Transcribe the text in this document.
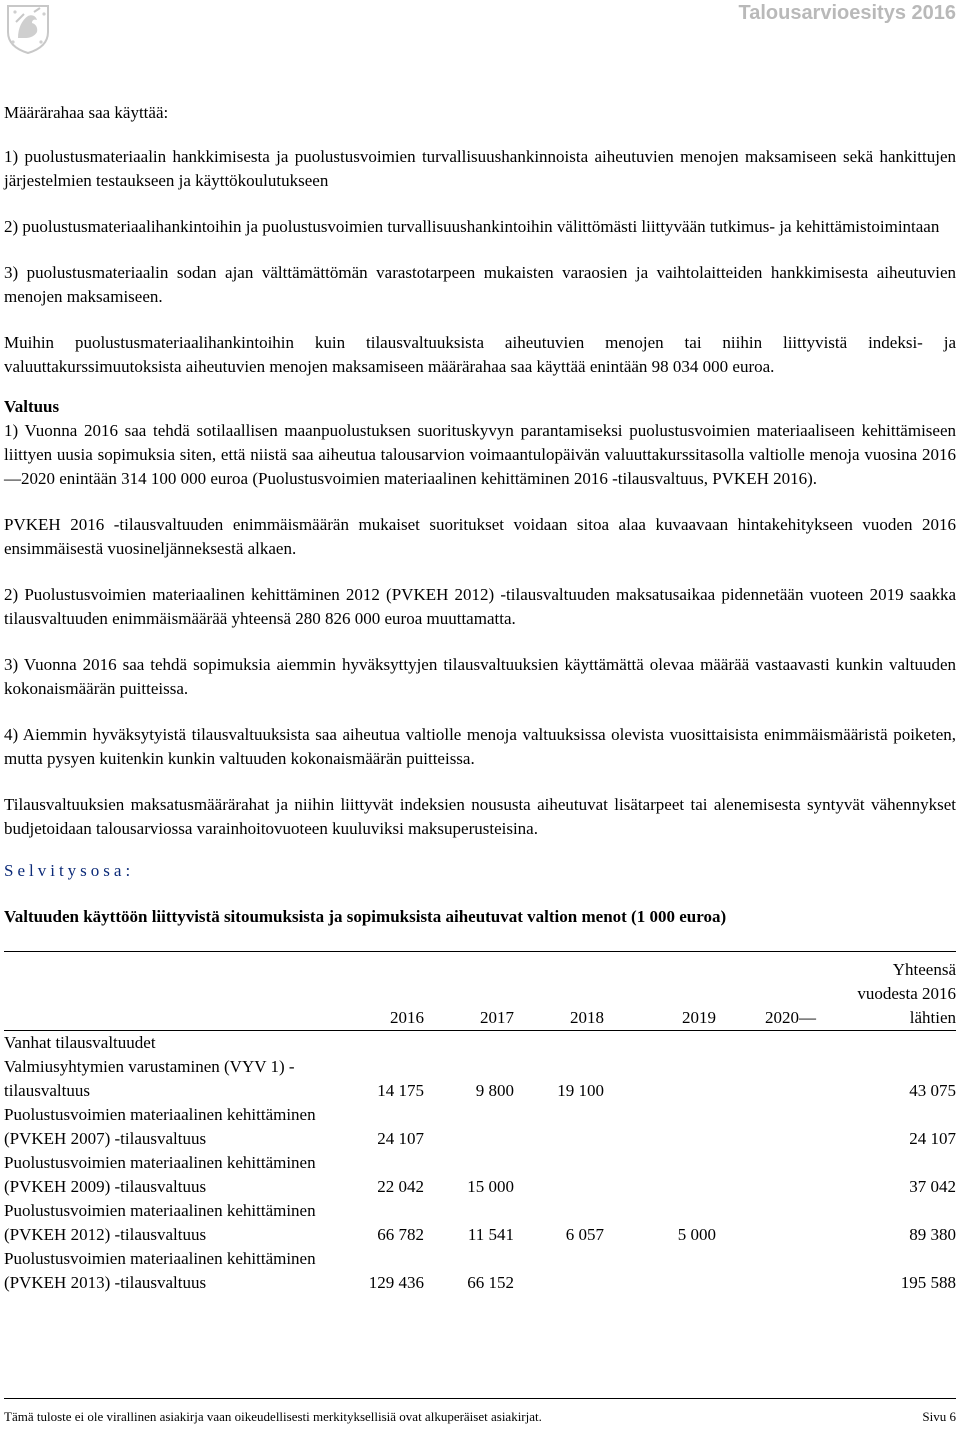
Talousarvioesitys 2016

Määrärahaa saa käyttää:

1) puolustusmateriaalin hankkimisesta ja puolustusvoimien turvallisuushankinnoista aiheutuvien menojen maksamiseen sekä hankittujen järjestelmien testaukseen ja käyttökoulutukseen

2) puolustusmateriaalihankintoihin ja puolustusvoimien turvallisuushankintoihin välittömästi liittyvään tutkimus- ja kehittämistoimintaan

3) puolustusmateriaalin sodan ajan välttämättömän varastotarpeen mukaisten varaosien ja vaihtolaitteiden hankkimisesta aiheutuvien menojen maksamiseen.

Muihin puolustusmateriaalihankintoihin kuin tilausvaltuuksista aiheutuvien menojen tai niihin liittyvistä indeksi- ja valuuttakurssimuutoksista aiheutuvien menojen maksamiseen määrärahaa saa käyttää enintään 98 034 000 euroa.

Valtuus

1) Vuonna 2016 saa tehdä sotilaallisen maanpuolustuksen suorituskyvyn parantamiseksi puolustusvoimien materiaaliseen kehittämiseen liittyen uusia sopimuksia siten, että niistä saa aiheutua talousarvion voimaantulopäivän valuuttakurssitasolla valtiolle menoja vuosina 2016—2020 enintään 314 100 000 euroa (Puolustusvoimien materiaalinen kehittäminen 2016 -tilausvaltuus, PVKEH 2016).

PVKEH 2016 -tilausvaltuuden enimmäismäärän mukaiset suoritukset voidaan sitoa alaa kuvaavaan hintakehitykseen vuoden 2016 ensimmäisestä vuosineljänneksestä alkaen.

2) Puolustusvoimien materiaalinen kehittäminen 2012 (PVKEH 2012) -tilausvaltuuden maksatusaikaa pidennetään vuoteen 2019 saakka tilausvaltuuden enimmäismäärää yhteensä 280 826 000 euroa muuttamatta.

3) Vuonna 2016 saa tehdä sopimuksia aiemmin hyväksyttyjen tilausvaltuuksien käyttämättä olevaa määrää vastaavasti kunkin valtuuden kokonaismäärän puitteissa.

4) Aiemmin hyväksytyistä tilausvaltuuksista saa aiheutua valtiolle menoja valtuuksissa olevista vuosittaisista enimmäismääristä poiketen, mutta pysyen kuitenkin kunkin valtuuden kokonaismäärän puitteissa.

Tilausvaltuuksien maksatusmäärärahat ja niihin liittyvät indeksien noususta aiheutuvat lisätarpeet tai alenemisesta syntyvät vähennykset budjetoidaan talousarviossa varainhoitovuoteen kuuluviksi maksuperusteisina.

Selvitysosa:

Valtuuden käyttöön liittyvistä sitoumuksista ja sopimuksista aiheutuvat valtion menot (1 000 euroa)

	2016	2017	2018	2019	2020—	Yhteensä vuodesta 2016 lähtien
Vanhat tilausvaltuudet						
Valmiusyhtymien varustaminen (VYV 1) -tilausvaltuus	14 175	9 800	19 100			43 075
Puolustusvoimien materiaalinen kehittäminen (PVKEH 2007) -tilausvaltuus	24 107					24 107
Puolustusvoimien materiaalinen kehittäminen (PVKEH 2009) -tilausvaltuus	22 042	15 000				37 042
Puolustusvoimien materiaalinen kehittäminen (PVKEH 2012) -tilausvaltuus	66 782	11 541	6 057	5 000		89 380
Puolustusvoimien materiaalinen kehittäminen (PVKEH 2013) -tilausvaltuus	129 436	66 152				195 588
Tämä tuloste ei ole virallinen asiakirja vaan oikeudellisesti merkityksellisiä ovat alkuperäiset asiakirjat.	Sivu 6
